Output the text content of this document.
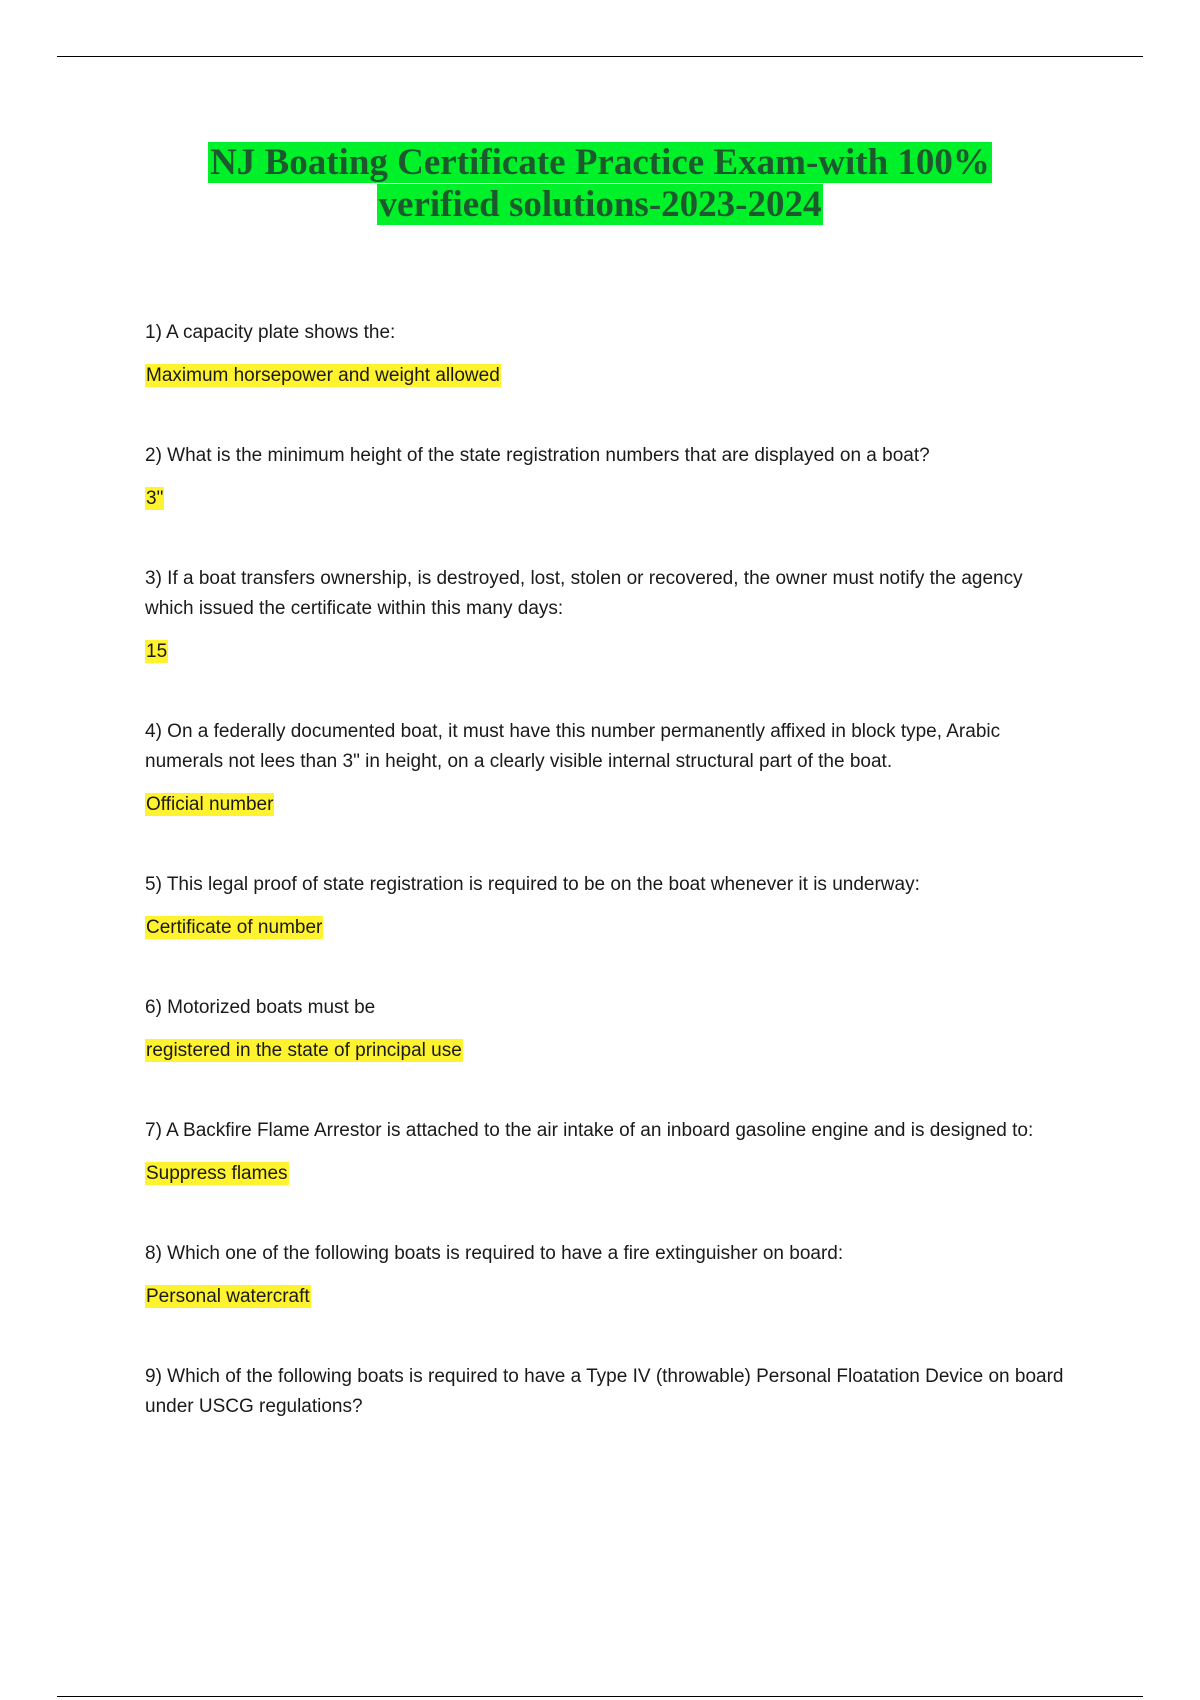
NJ Boating Certificate Practice Exam-with 100%
verified solutions-2023-2024

1) A capacity plate shows the:

Maximum horsepower and weight allowed

2) What is the minimum height of the state registration numbers that are displayed on a boat?

3"

3) If a boat transfers ownership, is destroyed, lost, stolen or recovered, the owner must notify the agency which issued the certificate within this many days:

15

4) On a federally documented boat, it must have this number permanently affixed in block type, Arabic numerals not lees than 3" in height, on a clearly visible internal structural part of the boat.

Official number

5) This legal proof of state registration is required to be on the boat whenever it is underway:

Certificate of number

6) Motorized boats must be

registered in the state of principal use

7) A Backfire Flame Arrestor is attached to the air intake of an inboard gasoline engine and is designed to:

Suppress flames

8) Which one of the following boats is required to have a fire extinguisher on board:

Personal watercraft

9) Which of the following boats is required to have a Type IV (throwable) Personal Floatation Device on board under USCG regulations?
